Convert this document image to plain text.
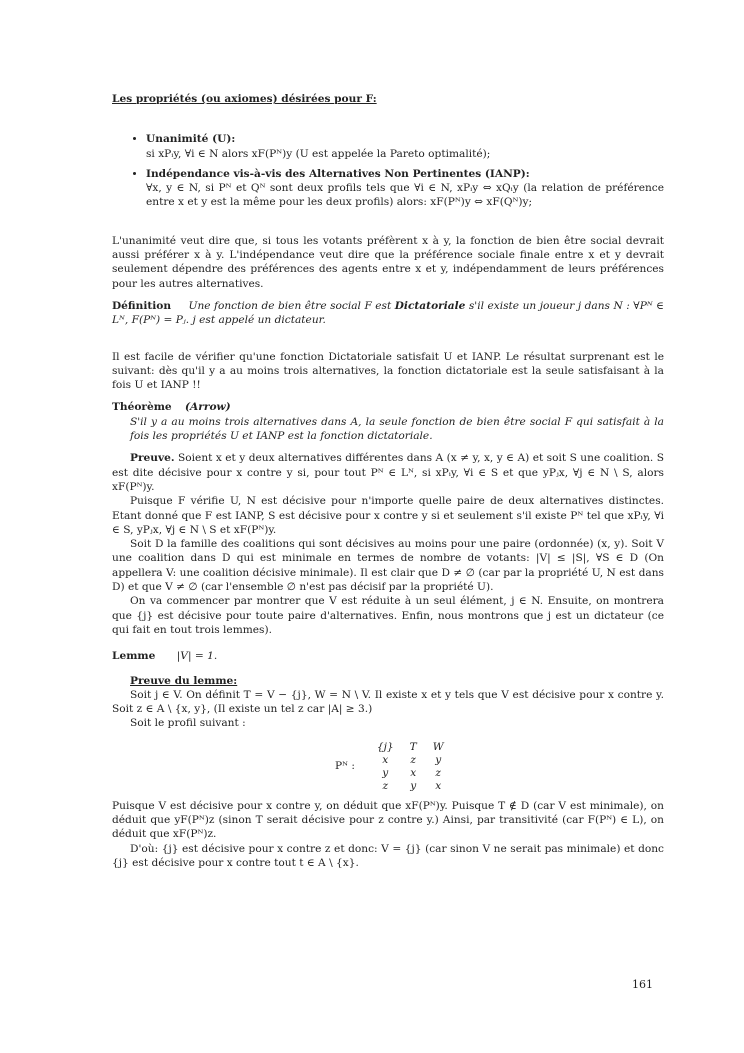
Les propriétés (ou axiomes) désirées pour F:
• Unanimité (U):
si xPᵢy, ∀i ∈ N alors xF(Pᴺ)y (U est appelée la Pareto optimalité);
• Indépendance vis-à-vis des Alternatives Non Pertinentes (IANP):
∀x, y ∈ N, si Pᴺ et Qᴺ sont deux profils tels que ∀i ∈ N, xPᵢy ⇔ xQᵢy (la relation de préférence entre x et y est la même pour les deux profils) alors: xF(Pᴺ)y ⇔ xF(Qᴺ)y;

L'unanimité veut dire que, si tous les votants préfèrent x à y, la fonction de bien être social devrait aussi préférer x à y. L'indépendance veut dire que la préférence sociale finale entre x et y devrait seulement dépendre des préférences des agents entre x et y, indépendamment de leurs préférences pour les autres alternatives.

Définition Une fonction de bien être social F est Dictatoriale s'il existe un joueur j dans N : ∀Pᴺ ∈ Lᴺ, F(Pᴺ) = Pⱼ. j est appelé un dictateur.

Il est facile de vérifier qu'une fonction Dictatoriale satisfait U et IANP. Le résultat surprenant est le suivant: dès qu'il y a au moins trois alternatives, la fonction dictatoriale est la seule satisfaisant à la fois U et IANP !!

Théorème (Arrow)

S'il y a au moins trois alternatives dans A, la seule fonction de bien être social F qui satisfait à la fois les propriétés U et IANP est la fonction dictatoriale.

Preuve. Soient x et y deux alternatives différentes dans A (x ≠ y, x, y ∈ A) et soit S une coalition. S est dite décisive pour x contre y si, pour tout Pᴺ ∈ Lᴺ, si xPᵢy, ∀i ∈ S et que yPⱼx, ∀j ∈ N \ S, alors xF(Pᴺ)y.

Puisque F vérifie U, N est décisive pour n'importe quelle paire de deux alternatives distinctes. Etant donné que F est IANP, S est décisive pour x contre y si et seulement s'il existe Pᴺ tel que xPᵢy, ∀i ∈ S, yPⱼx, ∀j ∈ N \ S et xF(Pᴺ)y.

Soit D la famille des coalitions qui sont décisives au moins pour une paire (ordonnée) (x, y). Soit V une coalition dans D qui est minimale en termes de nombre de votants: |V| ≤ |S|, ∀S ∈ D (On appellera V: une coalition décisive minimale). Il est clair que D ≠ ∅ (car par la propriété U, N est dans D) et que V ≠ ∅ (car l'ensemble ∅ n'est pas décisif par la propriété U).

On va commencer par montrer que V est réduite à un seul élément, j ∈ N. Ensuite, on montrera que {j} est décisive pour toute paire d'alternatives. Enfin, nous montrons que j est un dictateur (ce qui fait en tout trois lemmes).

Lemme |V| = 1.
Preuve du lemme:

Soit j ∈ V. On définit T = V − {j}, W = N \ V. Il existe x et y tels que V est décisive pour x contre y. Soit z ∈ A \ {x, y}, (Il existe un tel z car |A| ≥ 3.)

Soit le profil suivant :

Pᴺ :	{j}	T	W
	x	z	y
	y	x	z
	z	y	x

Puisque V est décisive pour x contre y, on déduit que xF(Pᴺ)y. Puisque T ∉ D (car V est minimale), on déduit que yF(Pᴺ)z (sinon T serait décisive pour z contre y.) Ainsi, par transitivité (car F(Pᴺ) ∈ L), on déduit que xF(Pᴺ)z.

D'où: {j} est décisive pour x contre z et donc: V = {j} (car sinon V ne serait pas minimale) et donc {j} est décisive pour x contre tout t ∈ A \ {x}.

161
